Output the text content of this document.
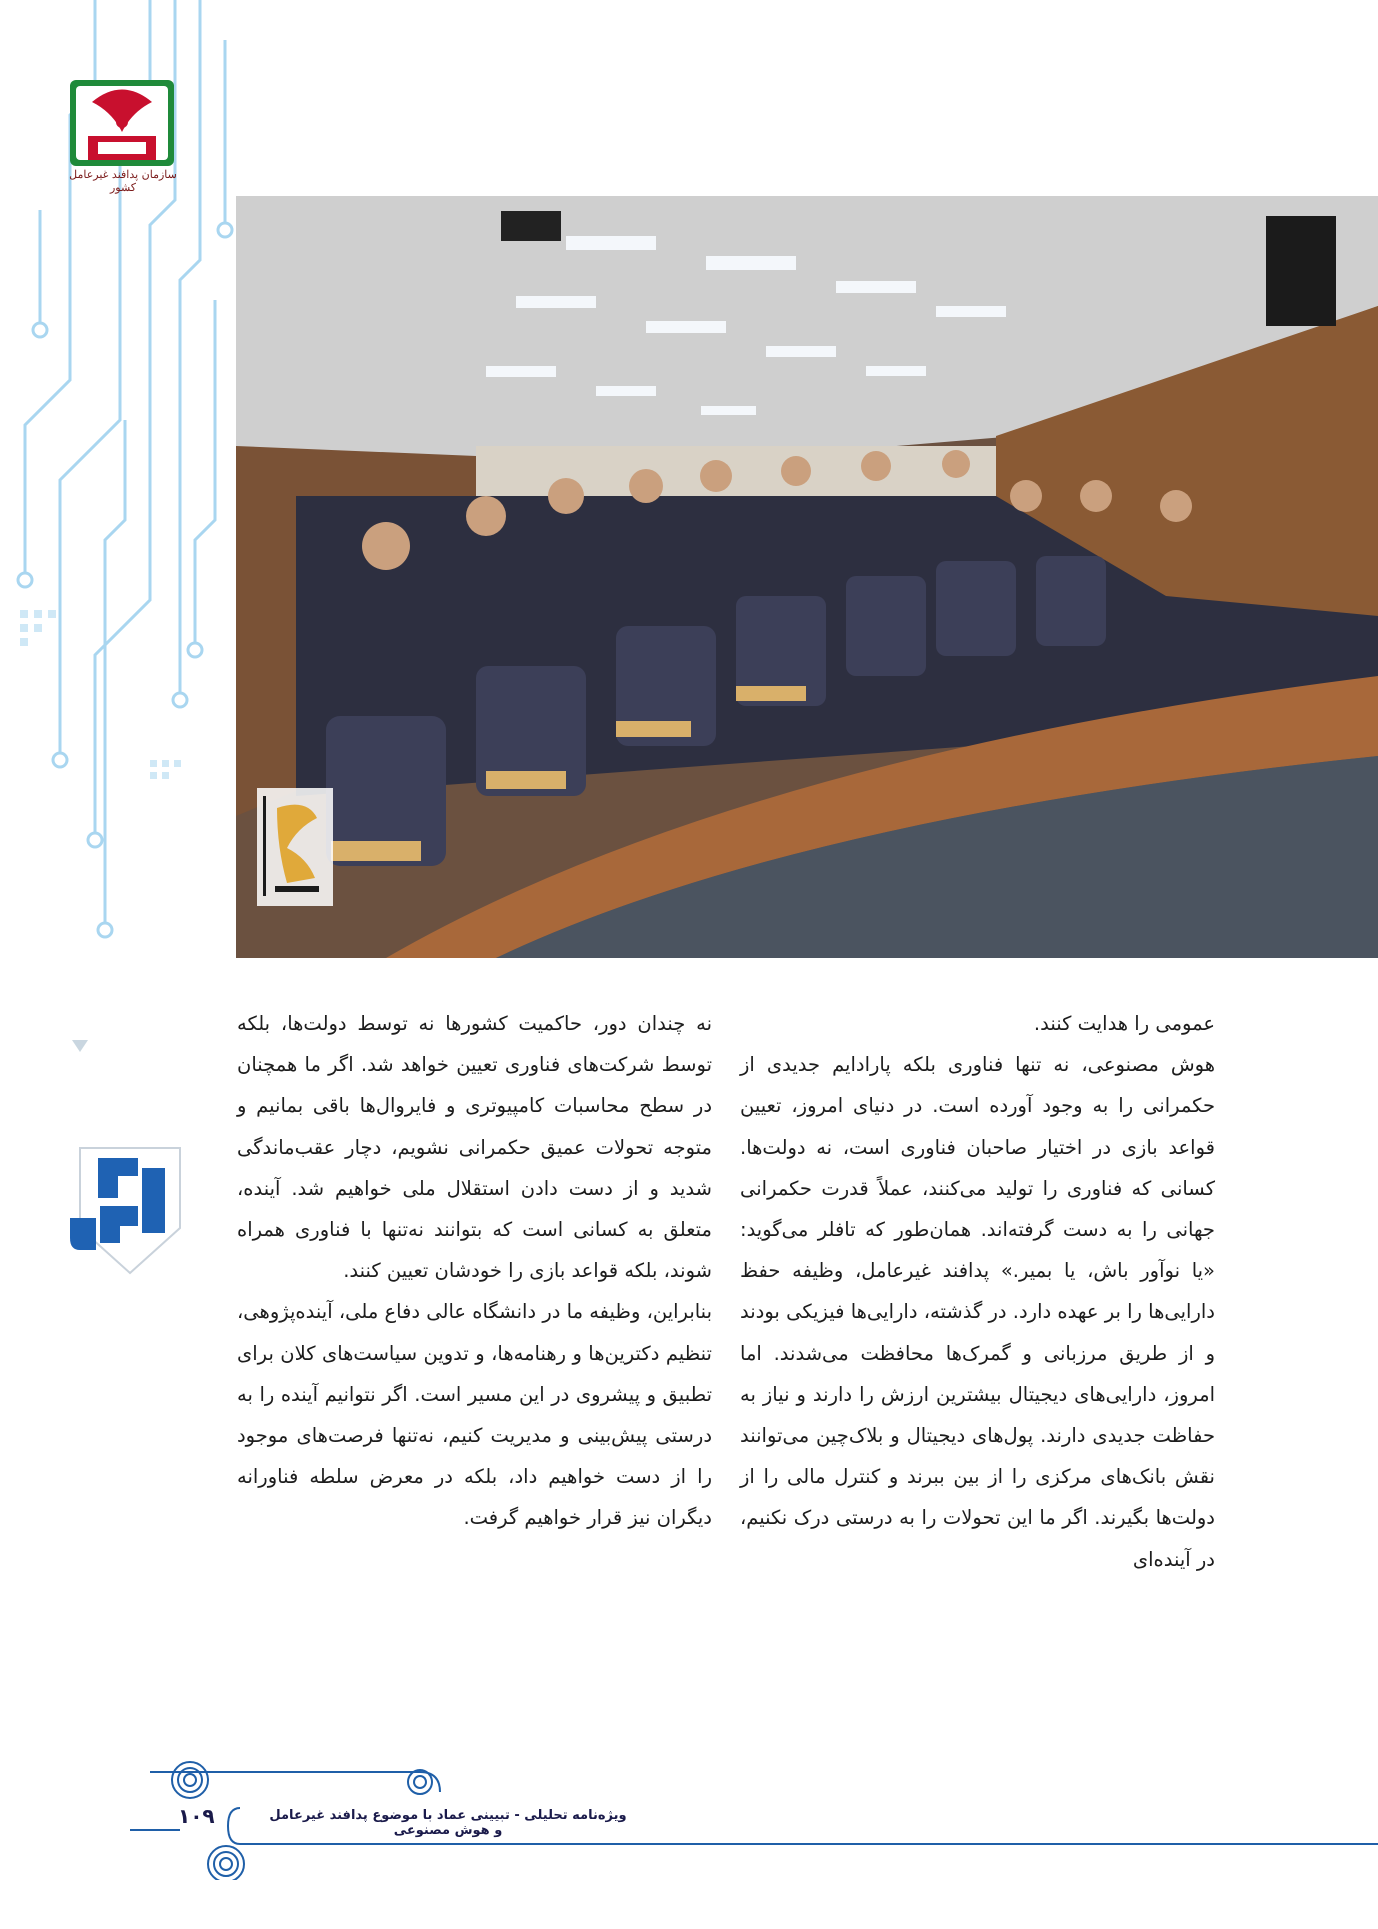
سازمان پدافند غیرعامل کشور

عمومی را هدایت کنند.

هوش مصنوعی، نه تنها فناوری بلکه پارادایم جدیدی از حکمرانی را به وجود آورده است. در دنیای امروز، تعیین قواعد بازی در اختیار صاحبان فناوری است، نه دولت‌ها. کسانی که فناوری را تولید می‌کنند، عملاً قدرت حکمرانی جهانی را به دست گرفته‌اند. همان‌طور که تافلر می‌گوید: «یا نوآور باش، یا بمیر.» پدافند غیرعامل، وظیفه حفظ دارایی‌ها را بر عهده دارد. در گذشته، دارایی‌ها فیزیکی بودند و از طریق مرزبانی و گمرک‌ها محافظت می‌شدند. اما امروز، دارایی‌های دیجیتال بیشترین ارزش را دارند و نیاز به حفاظت جدیدی دارند. پول‌های دیجیتال و بلاک‌چین می‌توانند نقش بانک‌های مرکزی را از بین ببرند و کنترل مالی را از دولت‌ها بگیرند. اگر ما این تحولات را به درستی درک نکنیم، در آینده‌ای

نه چندان دور، حاکمیت کشورها نه توسط دولت‌ها، بلکه توسط شرکت‌های فناوری تعیین خواهد شد. اگر ما همچنان در سطح محاسبات کامپیوتری و فایروال‌ها باقی بمانیم و متوجه تحولات عمیق حکمرانی نشویم، دچار عقب‌ماندگی شدید و از دست دادن استقلال ملی خواهیم شد. آینده، متعلق به کسانی است که بتوانند نه‌تنها با فناوری همراه شوند، بلکه قواعد بازی را خودشان تعیین کنند.

بنابراین، وظیفه ما در دانشگاه عالی دفاع ملی، آینده‌پژوهی، تنظیم دکترین‌ها و رهنامه‌ها، و تدوین سیاست‌های کلان برای تطبیق و پیشروی در این مسیر است. اگر نتوانیم آینده را به درستی پیش‌بینی و مدیریت کنیم، نه‌تنها فرصت‌های موجود را از دست خواهیم داد، بلکه در معرض سلطه فناورانه دیگران نیز قرار خواهیم گرفت.

۱۰۹	ویژه‌نامه تحلیلی - تبیینی عماد با موضوع پدافند غیرعامل و هوش مصنوعی
